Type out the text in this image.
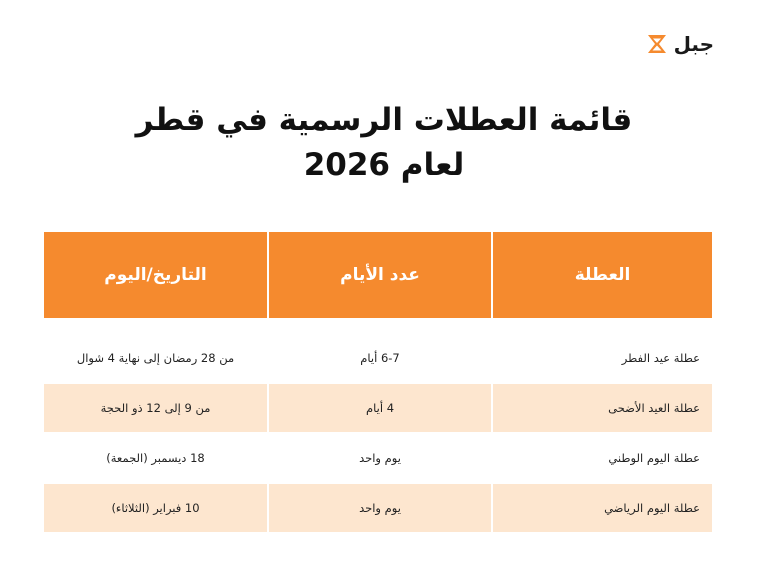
جبل
قائمة العطلات الرسمية في قطر
لعام 2026
العطلة
عدد الأيام
التاريخ/اليوم
عطلة عيد الفطر
6-7 أيام
من 28 رمضان إلى نهاية 4 شوال
عطلة العيد الأضحى
4 أيام
من 9 إلى 12 ذو الحجة
عطلة اليوم الوطني
يوم واحد
18 ديسمبر (الجمعة)
عطلة اليوم الرياضي
يوم واحد
10 فبراير (الثلاثاء)
